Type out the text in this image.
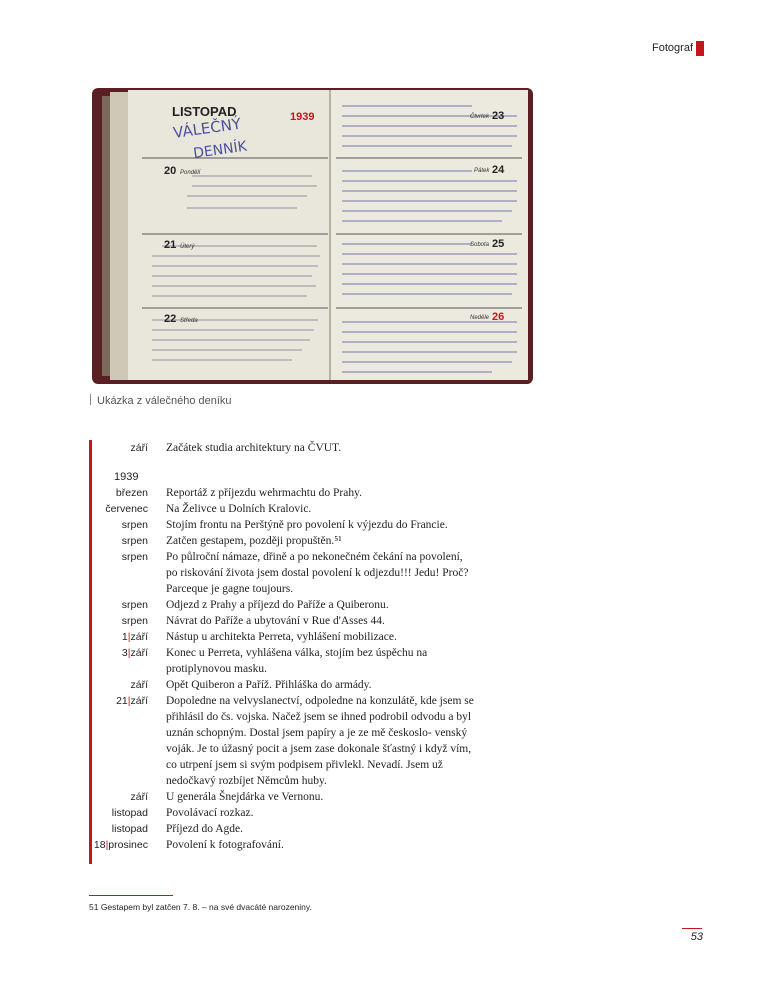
Fotograf
LISTOPAD	1939
VÁLEČNÝ
DENNÍK
20 Pondělí
21 Úterý
22 Středa
Čtvrtek 23
Pátek 24
Sobota 25
Neděle 26
Ukázka z válečného deníku
září Začátek studia architektury na ČVUT.
1939
březen Reportáž z příjezdu wehrmachtu do Prahy.
červenec Na Želivce u Dolních Kralovic.
srpen Stojím frontu na Perštýně pro povolení k výjezdu do Francie.
srpen Zatčen gestapem, později propuštěn.⁵¹
srpen Po půlroční námaze, dřině a po nekonečném čekání na povolení, po riskování života jsem dostal povolení k odjezdu!!! Jedu! Proč? Parceque je gagne toujours.
srpen Odjezd z Prahy a příjezd do Paříže a Quiberonu.
srpen Návrat do Paříže a ubytování v Rue d'Asses 44.
1|září Nástup u architekta Perreta, vyhlášení mobilizace.
3|září Konec u Perreta, vyhlášena válka, stojím bez úspěchu na protiplynovou masku.
září Opět Quiberon a Paříž. Přihláška do armády.
21|září Dopoledne na velvyslanectví, odpoledne na konzulátě, kde jsem se přihlásil do čs. vojska. Načež jsem se ihned podrobil odvodu a byl uznán schopným. Dostal jsem papíry a je ze mě českoslo- venský voják. Je to úžasný pocit a jsem zase dokonale šťastný i když vím, co utrpení jsem si svým podpisem přivlekl. Nevadí. Jsem už nedočkavý rozbíjet Němcům huby.
září U generála Šnejdárka ve Vernonu.
listopad Povolávací rozkaz.
listopad Příjezd do Agde.
18|prosinec Povolení k fotografování.
51 Gestapem byl zatčen 7. 8. – na své dvacáté narozeniny.
53
